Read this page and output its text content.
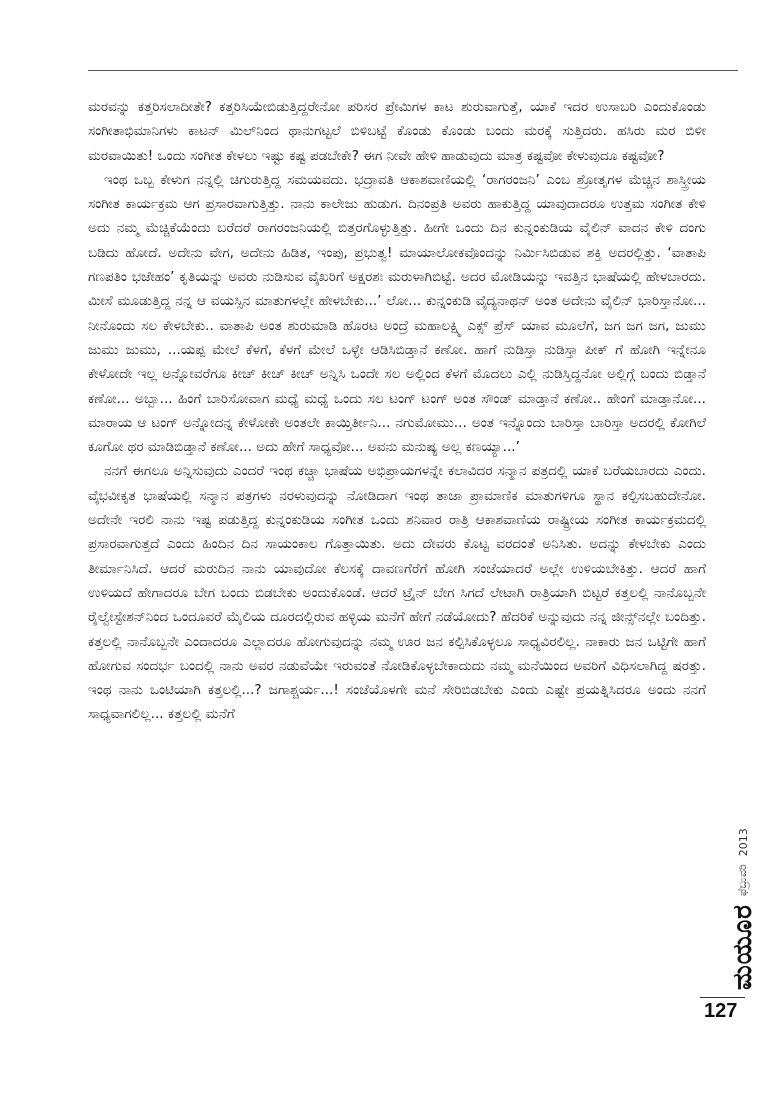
ಮರವನ್ನು ಕತ್ತರಿಸಲಾದೀತೇ? ಕತ್ತರಿಸಿಯೇಬಿಡುತ್ತಿದ್ದರೇನೋ ಪರಿಸರ ಪ್ರೇಮಿಗಳ ಕಾಟ ಶುರುವಾಗುತ್ತೆ, ಯಾಕೆ ಇದರ ಉಸಾಬರಿ ಎಂದುಕೊಂಡು ಸಂಗೀತಾಭಿಮಾನಿಗಳು ಕಾಟನ್ ಮಿಲ್‌ನಿಂದ ಥಾನುಗಟ್ಟಲೆ ಬಿಳಿಬಟ್ಟೆ ಕೊಂಡು ಕೊಂಡು ಬಂದು ಮರಕ್ಕೆ ಸುತ್ತಿದರು. ಹಸಿರು ಮರ ಬಿಳೀ ಮರವಾಯಿತು! ಒಂದು ಸಂಗೀತ ಕೇಳಲು ಇಷ್ಟು ಕಷ್ಟ ಪಡಬೇಕೇ? ಈಗ ನೀವೇ ಹೇಳಿ ಹಾಡುವುದು ಮಾತ್ರ ಕಷ್ಟವೋ ಕೇಳುವುದೂ ಕಷ್ಟವೋ?

ಇಂಥ ಒಬ್ಬ ಕೇಳುಗ ನನ್ನಲ್ಲಿ ಚಿಗುರುತ್ತಿದ್ದ ಸಮಯವದು. ಭದ್ರಾವತಿ ಆಕಾಶವಾಣಿಯಲ್ಲಿ ‘ರಾಗರಂಜನಿ’ ಎಂಬ ಶ್ರೋತೃಗಳ ಮೆಚ್ಚಿನ ಶಾಸ್ತ್ರೀಯ ಸಂಗೀತ ಕಾರ್ಯಕ್ರಮ ಆಗ ಪ್ರಸಾರವಾಗುತ್ತಿತ್ತು. ನಾನು ಕಾಲೇಜು ಹುಡುಗ. ದಿನಂಪ್ರತಿ ಅವರು ಹಾಕುತ್ತಿದ್ದ ಯಾವುದಾದರೂ ಉತ್ತಮ ಸಂಗೀತ ಕೇಳಿ ಅದು ನಮ್ಮ ಮೆಚ್ಚಿಕೆಯೆಂದು ಬರೆದರೆ ರಾಗರಂಜನಿಯಲ್ಲಿ ಬಿತ್ತರಗೊಳ್ಳುತ್ತಿತ್ತು. ಹೀಗೇ ಒಂದು ದಿನ ಕುನ್ನಂಕುಡಿಯ ವೈಲಿನ್ ವಾದನ ಕೇಳಿ ದಂಗು ಬಡಿದು ಹೋದೆ. ಅದೇನು ವೇಗ, ಅದೇನು ಹಿಡಿತ, ಇಂಪು, ಪ್ರಭುತ್ವ! ಮಾಯಾಲೋಕವೊಂದನ್ನು ನಿರ್ಮಿಸಿಬಿಡುವ ಶಕ್ತಿ ಅದರಲ್ಲಿತ್ತು. ‘ವಾತಾಪಿ ಗಣಪತಿಂ ಭಜೇಹಂ’ ಕೃತಿಯನ್ನು ಅವರು ನುಡಿಸುವ ವೈಖರಿಗೆ ಅಕ್ಷರಶಃ ಮರುಳಾಗಿಬಿಟ್ಟೆ. ಅದರ ಮೋಡಿಯನ್ನು ಇವತ್ತಿನ ಭಾಷೆಯಲ್ಲಿ ಹೇಳಬಾರದು. ಮೀಸೆ ಮೂಡುತ್ತಿದ್ದ ನನ್ನ ಆ ವಯಸ್ಸಿನ ಮಾತುಗಳಲ್ಲೇ ಹೇಳಬೇಕು...’ ಲೋ... ಕುನ್ನಂಕುಡಿ ವೈದ್ಯನಾಥನ್ ಅಂತ ಅದೇನು ವೈಲಿನ್ ಭಾರಿಸ್ತಾನೋ... ನೀನೊಂದು ಸಲ ಕೇಳಬೇಕು.. ವಾತಾಪಿ ಅಂತ ಶುರುಮಾಡಿ ಹೊರಟ ಅಂದ್ರೆ ಮಹಾಲಕ್ಷ್ಮಿ ಎಕ್ಸ್ ಪ್ರೆಸ್ ಯಾವ ಮೂಲೆಗೆ, ಜಗ ಜಗ ಜಗ, ಜುಮು ಜುಮು ಜುಮು, ...ಯಪ್ಪ ಮೇಲೆ ಕೆಳಗೆ, ಕೆಳಗೆ ಮೇಲೆ ಒಳ್ಳೇ ಆಡಿಸಿಬಿಡ್ತಾನೆ ಕಣೋ. ಹಾಗೆ ನುಡಿಸ್ತಾ ನುಡಿಸ್ತಾ ಪೀಕ್ ಗೆ ಹೋಗಿ ಇನ್ನೇನೂ ಕೇಳೋದೇ ಇಲ್ಲ ಅನ್ನೋವರೆಗೂ ಕೀಚ್ ಕೀಚ್ ಕೀಚ್ ಅನ್ನಿಸಿ ಒಂದೇ ಸಲ ಅಲ್ಲಿಂದ ಕೆಳಗೆ ಮೊದಲು ಎಲ್ಲಿ ನುಡಿಸ್ತಿದ್ದನೋ ಅಲ್ಲಿಗ್ಗೆ ಬಂದು ಬಿಡ್ತಾನೆ ಕಣೋ... ಅಬ್ಬಾ... ಹಿಂಗೆ ಬಾರಿಸೋವಾಗ ಮಧ್ಯೆ ಮಧ್ಯೆ ಒಂದು ಸಲ ಟಂಗ್ ಟಂಗ್ ಅಂತ ಸೌಂಡ್ ಮಾಡ್ತಾನೆ ಕಣೋ.. ಹೇಂಗೆ ಮಾಡ್ತಾನೋ... ಮಾರಾಯ ಆ ಟಂಗ್ ಅನ್ನೋದನ್ನ ಕೇಳೋಕೇ ಅಂತಲೇ ಕಾಯ್ತಿರ್ತೀನಿ... ನಗುಮೋಮು... ಅಂತ ಇನ್ನೊಂದು ಬಾರಿಸ್ತಾ ಬಾರಿಸ್ತಾ ಅದರಲ್ಲಿ ಕೋಗಿಲೆ ಕೂಗೋ ಥರ ಮಾಡಿಬಿಡ್ತಾನೆ ಕಣೋ... ಅದು ಹೇಗೆ ಸಾಧ್ಯವೋ... ಅವನು ಮನುಷ್ಯ ಅಲ್ಲ ಕಣಯ್ಯಾ...’

ನನಗೆ ಈಗಲೂ ಅನ್ನಿಸುವುದು ಎಂದರೆ ಇಂಥ ಕಚ್ಚಾ ಭಾಷೆಯ ಅಭಿಪ್ರಾಯಗಳನ್ನೇ ಕಲಾವಿದರ ಸನ್ಮಾನ ಪತ್ರದಲ್ಲಿ ಯಾಕೆ ಬರೆಯಬಾರದು ಎಂದು. ವೈಭವೀಕೃತ ಭಾಷೆಯಲ್ಲಿ ಸನ್ಮಾನ ಪತ್ರಗಳು ನರಳುವುದನ್ನು ನೋಡಿದಾಗ ಇಂಥ ತಾಜಾ ಪ್ರಾಮಾಣಿಕ ಮಾತುಗಳಿಗೂ ಸ್ಥಾನ ಕಲ್ಪಿಸಬಹುದೇನೋ. ಅದೇನೇ ಇರಲಿ ನಾನು ಇಷ್ಟ ಪಡುತ್ತಿದ್ದ ಕುನ್ನಂಕುಡಿಯ ಸಂಗೀತ ಒಂದು ಶನಿವಾರ ರಾತ್ರಿ ಆಕಾಶವಾಣಿಯ ರಾಷ್ಟ್ರೀಯ ಸಂಗೀತ ಕಾರ್ಯಕ್ರಮದಲ್ಲಿ ಪ್ರಸಾರವಾಗುತ್ತದೆ ಎಂದು ಹಿಂದಿನ ದಿನ ಸಾಯಂಕಾಲ ಗೊತ್ತಾಯಿತು. ಅದು ದೇವರು ಕೊಟ್ಟ ವರದಂತೆ ಅನಿಸಿತು. ಅದನ್ನು ಕೇಳಬೇಕು ಎಂದು ತೀರ್ಮಾನಿಸಿದೆ. ಆದರೆ ಮರುದಿನ ನಾನು ಯಾವುದೋ ಕೆಲಸಕ್ಕೆ ದಾವಣಗೆರೆಗೆ ಹೋಗಿ ಸಂಜೆಯಾದರೆ ಅಲ್ಲೇ ಉಳಿಯಬೇಕಿತ್ತು. ಆದರೆ ಹಾಗೆ ಉಳಿಯದೆ ಹೇಗಾದರೂ ಬೇಗ ಬಂದು ಬಿಡಬೇಕು ಅಂದುಕೊಂಡೆ. ಆದರೆ ಟ್ರೈನ್ ಬೇಗ ಸಿಗದೆ ಲೇಟಾಗಿ ರಾತ್ರಿಯಾಗಿ ಬಿಟ್ಟರೆ ಕತ್ತಲಲ್ಲಿ ನಾನೊಬ್ಬನೇ ರೈಲ್ವೇಸ್ಟೇಶನ್‌ನಿಂದ ಒಂದೂವರೆ ಮೈಲಿಯ ದೂರದಲ್ಲಿರುವ ಹಳ್ಳಿಯ ಮನೆಗೆ ಹೇಗೆ ನಡೆಯೋದು? ಹೆದರಿಕೆ ಅನ್ನುವುದು ನನ್ನ ಜೀನ್ಸ್‌ನಲ್ಲೇ ಬಂದಿತ್ತು. ಕತ್ತಲಲ್ಲಿ ನಾನೊಬ್ಬನೇ ಎಂದಾದರೂ ಎಲ್ಲಾದರೂ ಹೋಗುವುದನ್ನು ನಮ್ಮ ಊರ ಜನ ಕಲ್ಪಿಸಿಕೊಳ್ಳಲೂ ಸಾಧ್ಯವಿರಲಿಲ್ಲ. ನಾಕಾರು ಜನ ಒಟ್ಟಿಗೇ ಹಾಗೆ ಹೋಗುವ ಸಂದರ್ಭ ಬಂದಲ್ಲಿ ನಾನು ಅವರ ನಡುವೆಯೇ ಇರುವಂತೆ ನೋಡಿಕೊಳ್ಳಬೇಕಾದುದು ನಮ್ಮ ಮನೆಯಿಂದ ಅವರಿಗೆ ವಿಧಿಸಲಾಗಿದ್ದ ಷರತ್ತು. ಇಂಥ ನಾನು ಒಂಟಿಯಾಗಿ ಕತ್ತಲಲ್ಲಿ...? ಜಗಾಶ್ಚರ್ಯ...! ಸಂಜೆಯೊಳಗೇ ಮನೆ ಸೇರಿಬಿಡಬೇಕು ಎಂದು ಎಷ್ಟೇ ಪ್ರಯತ್ನಿಸಿದರೂ ಅಂದು ನನಗೆ ಸಾಧ್ಯವಾಗಲಿಲ್ಲ... ಕತ್ತಲಲ್ಲಿ ಮನೆಗೆ

ಮಯೂರ
ಫೆಬ್ರುವರಿ
2013
127
